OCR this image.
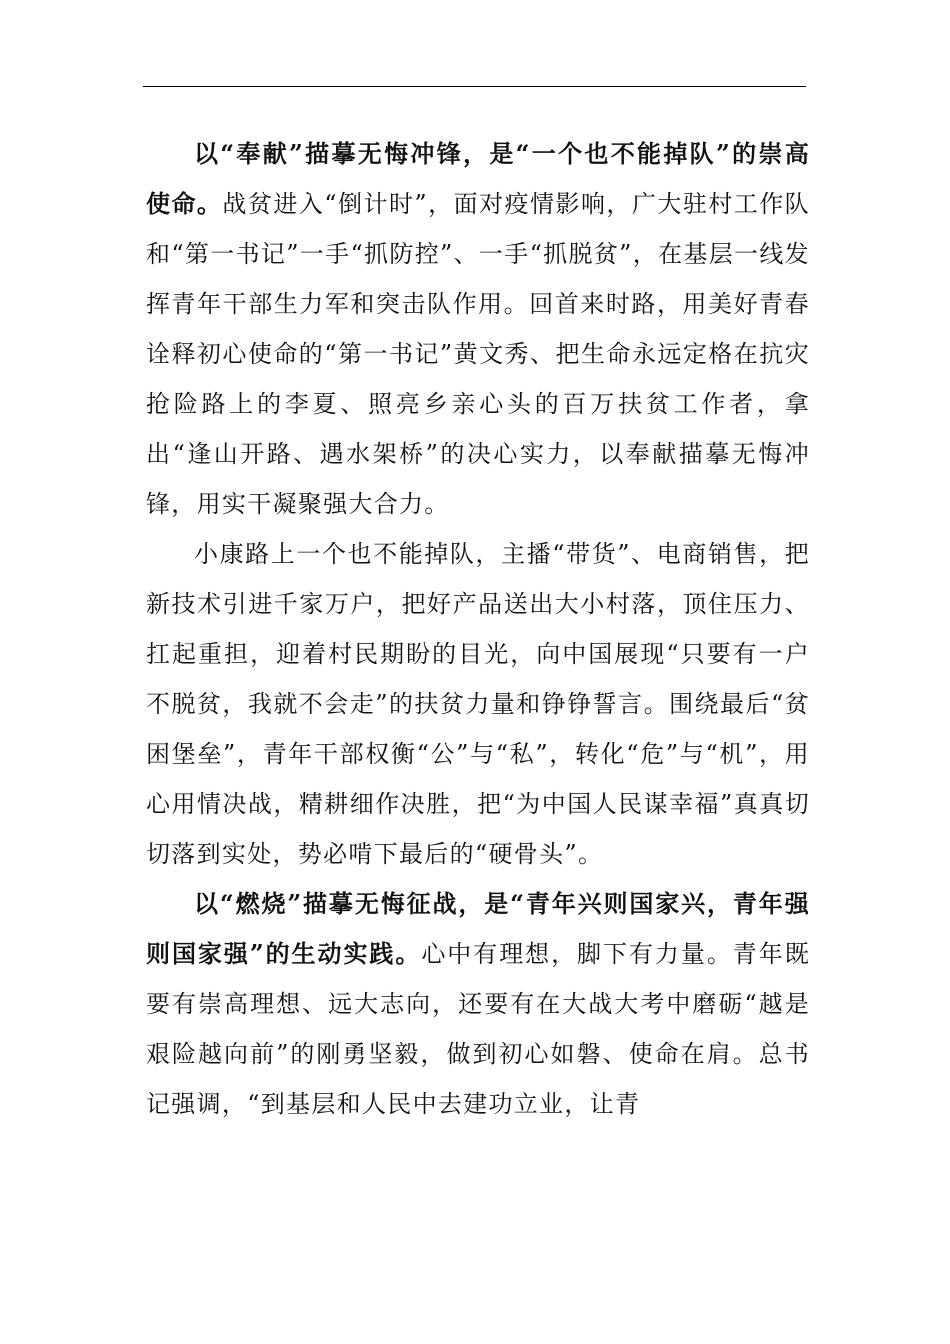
以“奉献”描摹无悔冲锋，是“一个也不能掉队”的崇高使命。战贫进入“倒计时”，面对疫情影响，广大驻村工作队和“第一书记”一手“抓防控”、一手“抓脱贫”，在基层一线发挥青年干部生力军和突击队作用。回首来时路，用美好青春诠释初心使命的“第一书记”黄文秀、把生命永远定格在抗灾抢险路上的李夏、照亮乡亲心头的百万扶贫工作者，拿出“逢山开路、遇水架桥”的决心实力，以奉献描摹无悔冲锋，用实干凝聚强大合力。

小康路上一个也不能掉队，主播“带货”、电商销售，把新技术引进千家万户，把好产品送出大小村落，顶住压力、扛起重担，迎着村民期盼的目光，向中国展现“只要有一户不脱贫，我就不会走”的扶贫力量和铮铮誓言。围绕最后“贫困堡垒”，青年干部权衡“公”与“私”，转化“危”与“机”，用心用情决战，精耕细作决胜，把“为中国人民谋幸福”真真切切落到实处，势必啃下最后的“硬骨头”。

以“燃烧”描摹无悔征战，是“青年兴则国家兴，青年强则国家强”的生动实践。心中有理想，脚下有力量。青年既要有崇高理想、远大志向，还要有在大战大考中磨砺“越是艰险越向前”的刚勇坚毅，做到初心如磐、使命在肩。总书记强调，“到基层和人民中去建功立业，让青
